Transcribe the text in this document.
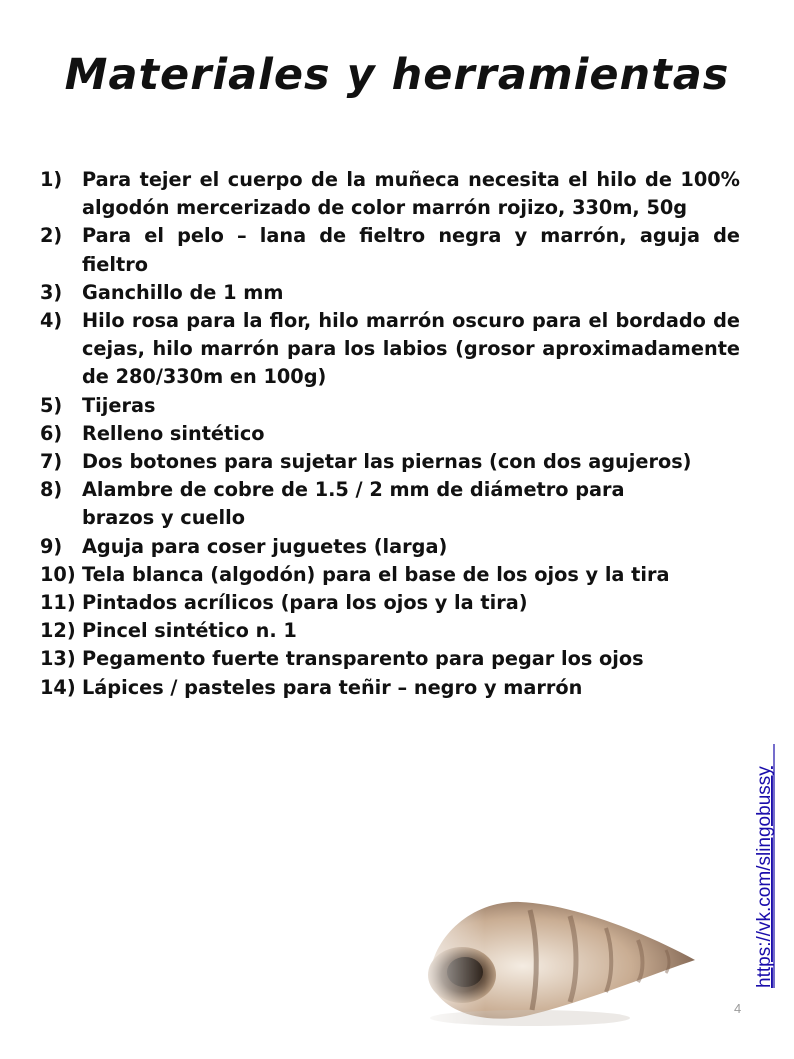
Materiales y herramientas
1) Para tejer el cuerpo de la muñeca necesita el hilo de 100% algodón mercerizado de color marrón rojizo, 330m, 50g
2) Para el pelo – lana de fieltro negra y marrón, aguja de fieltro
3) Ganchillo de 1 mm
4) Hilo rosa para la flor, hilo marrón oscuro para el bordado de cejas, hilo marrón para los labios (grosor aproximadamente de 280/330m en 100g)
5) Tijeras
6) Relleno sintético
7) Dos botones para sujetar las piernas (con dos agujeros)
8) Alambre de cobre de 1.5 / 2 mm de diámetro para brazos y cuello
9) Aguja para coser juguetes (larga)
10) Tela blanca (algodón) para el base de los ojos y la tira
11) Pintados acrílicos (para los ojos y la tira)
12) Pincel sintético n. 1
13) Pegamento fuerte transparento para pegar los ojos
14) Lápices / pasteles para teñir – negro y marrón
https://vk.com/slingobussy
4
